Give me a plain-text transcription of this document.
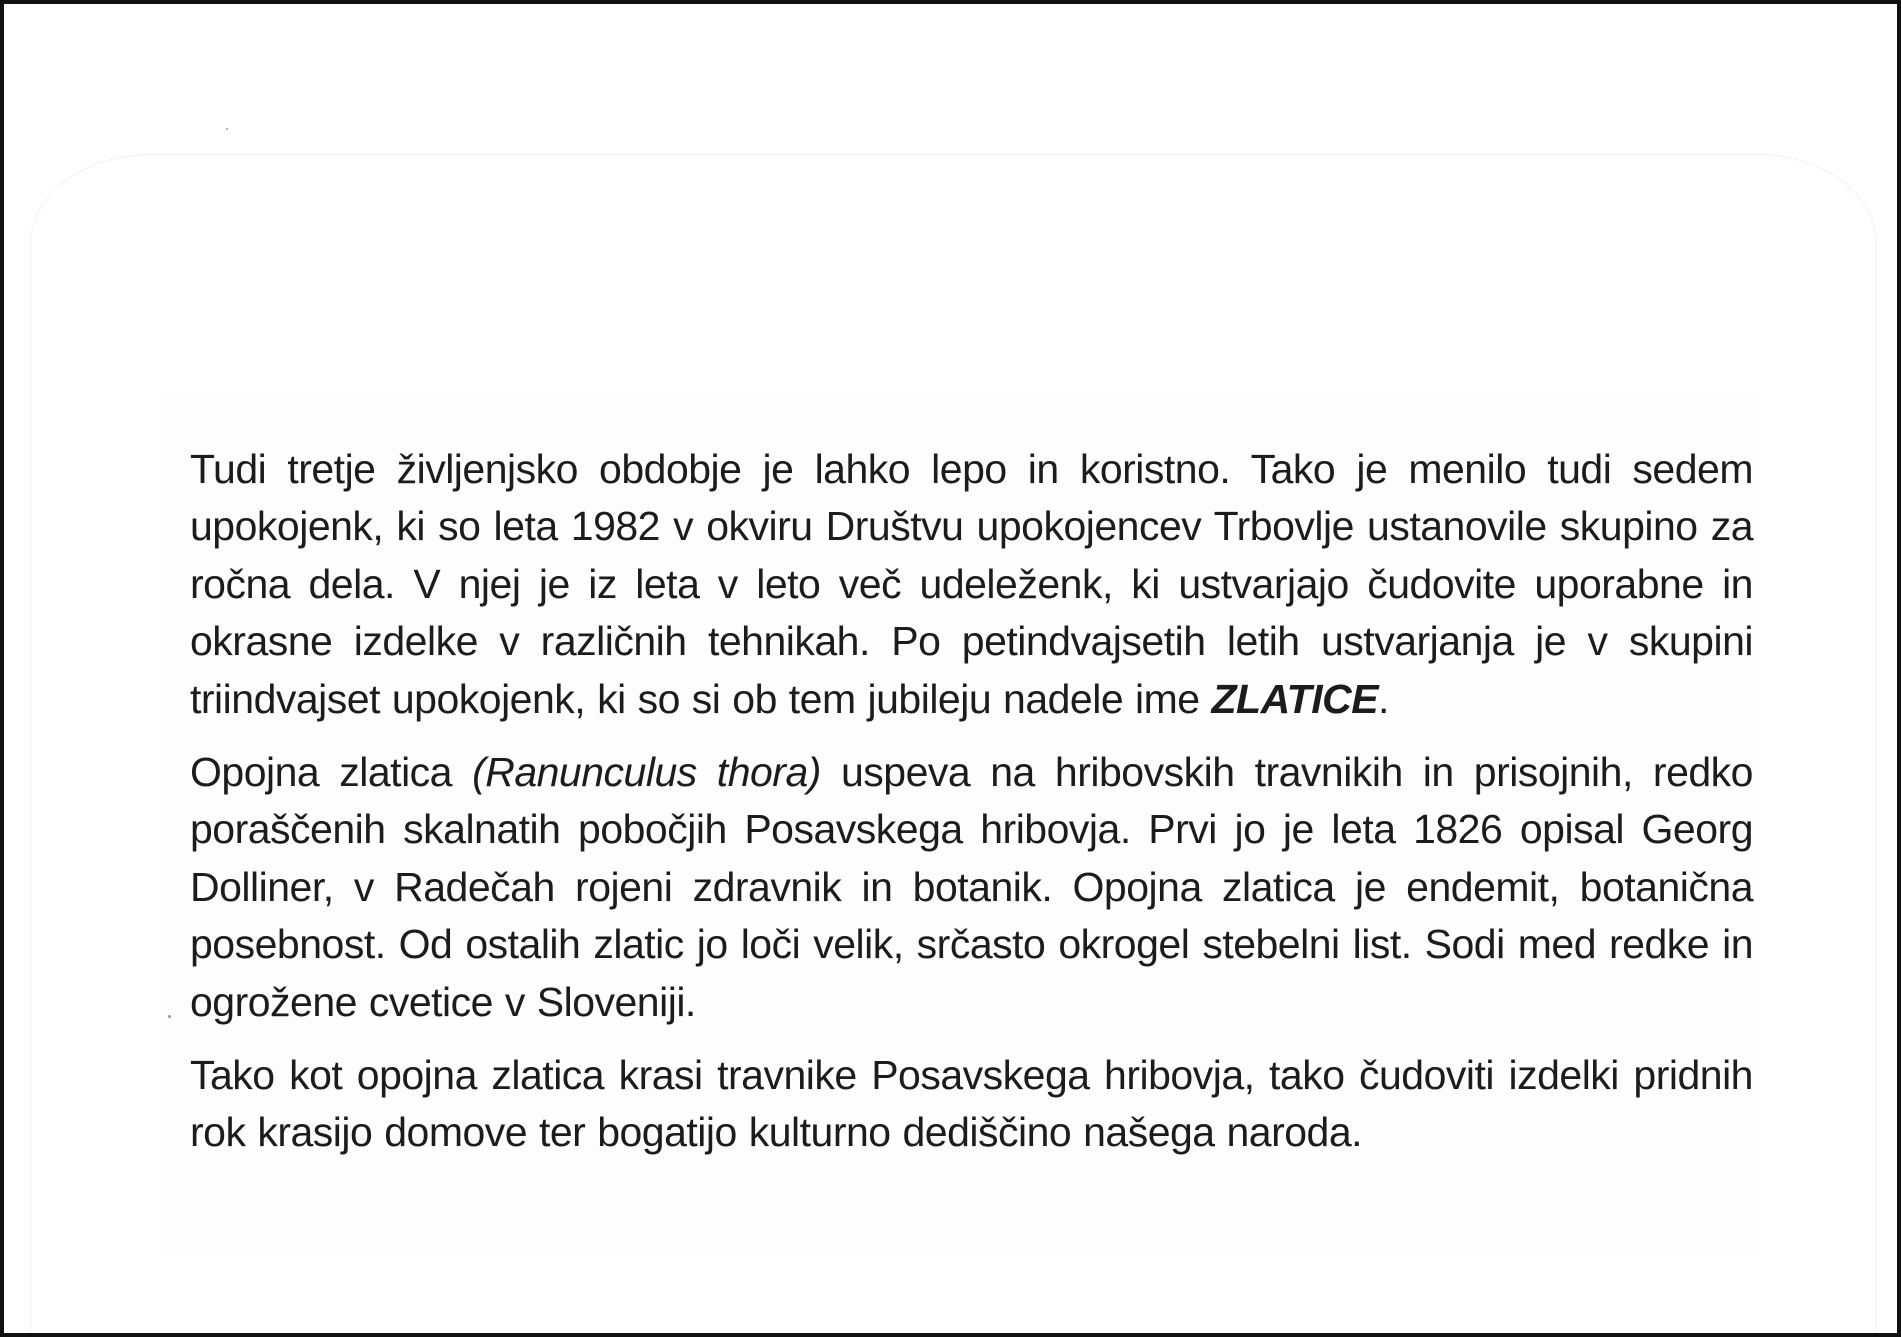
Tudi tretje življenjsko obdobje je lahko lepo in koristno. Tako je menilo tudi sedem upokojenk, ki so leta 1982 v okviru Društvu upokojencev Trbovlje ustanovile skupino za ročna dela. V njej je iz leta v leto več udeleženk, ki ustvarjajo čudovite uporabne in okrasne izdelke v različnih tehnikah. Po petindvajsetih letih ustvarjanja je v skupini triindvajset upokojenk, ki so si ob tem jubileju nadele ime ZLATICE.

Opojna zlatica (Ranunculus thora) uspeva na hribovskih travnikih in prisojnih, redko poraščenih skalnatih pobočjih Posavskega hribovja. Prvi jo je leta 1826 opisal Georg Dolliner, v Radečah rojeni zdravnik in botanik. Opojna zlatica je endemit, botanična posebnost. Od ostalih zlatic jo loči velik, srčasto okrogel stebelni list. Sodi med redke in ogrožene cvetice v Sloveniji.

Tako kot opojna zlatica krasi travnike Posavskega hribovja, tako čudoviti izdelki pridnih rok krasijo domove ter bogatijo kulturno dediščino našega naroda.
